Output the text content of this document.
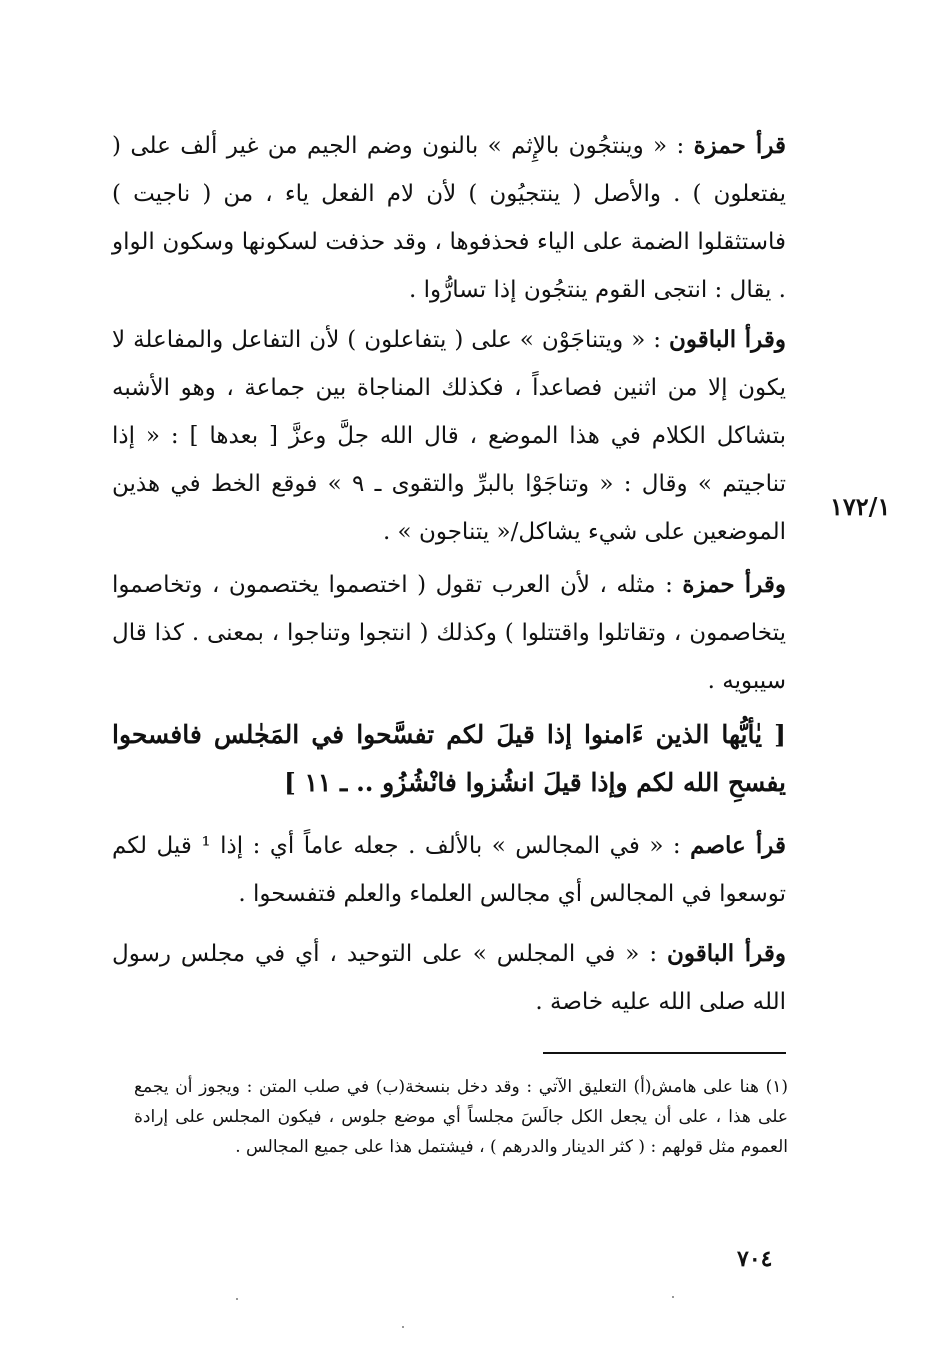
قرأ حمزة : « وينتجُون بالإِثم » بالنون وضم الجيم من غير ألف على ( يفتعلون ) . والأصل ( ينتجيُون ) لأن لام الفعل ياء ، من ( ناجيت ) فاستثقلوا الضمة على الياء فحذفوها ، وقد حذفت لسكونها وسكون الواو . يقال : انتجى القوم ينتجُون إذا تسارُّوا .

وقرأ الباقون : « ويتناجَوْن » على ( يتفاعلون ) لأن التفاعل والمفاعلة لا يكون إلا من اثنين فصاعداً ، فكذلك المناجاة بين جماعة ، وهو الأشبه بتشاكل الكلام في هذا الموضع ، قال الله جلَّ وعزَّ [ بعدها ] : « إذا تناجيتم » وقال : « وتناجَوْا بالبرِّ والتقوى ـ ٩ » فوقع الخط في هذين الموضعين على شيء يشاكل/« يتناجون » .

١٧٢/١

وقرأ حمزة : مثله ، لأن العرب تقول ( اختصموا يختصمون ، وتخاصموا يتخاصمون ، وتقاتلوا واقتتلوا ) وكذلك ( انتجوا وتناجوا ، بمعنى . كذا قال سيبويه .

[ يٰأيُّها الذين ءَامنوا إذا قيلَ لكم تفسَّحوا في المَجٰلس فافسحوا يفسحِ الله لكم وإذا قيلَ انشُزوا فانْشُزُو .. ـ ١١ ]

قرأ عاصم : « في المجالس » بالألف . جعله عاماً أي : إذا ¹ قيل لكم توسعوا في المجالس أي مجالس العلماء والعلم فتفسحوا .

وقرأ الباقون : « في المجلس » على التوحيد ، أي في مجلس رسول الله صلى الله عليه خاصة .

(١) هنا على هامش(أ) التعليق الآتي : وقد دخل بنسخة(ب) في صلب المتن : ويجوز أن يجمع على هذا ، على أن يجعل الكل جالَسَ مجلساً أي موضع جلوس ، فيكون المجلس على إرادة العموم مثل قولهم : ( كثر الدينار والدرهم ) ، فيشتمل هذا على جميع المجالس .
٧٠٤
